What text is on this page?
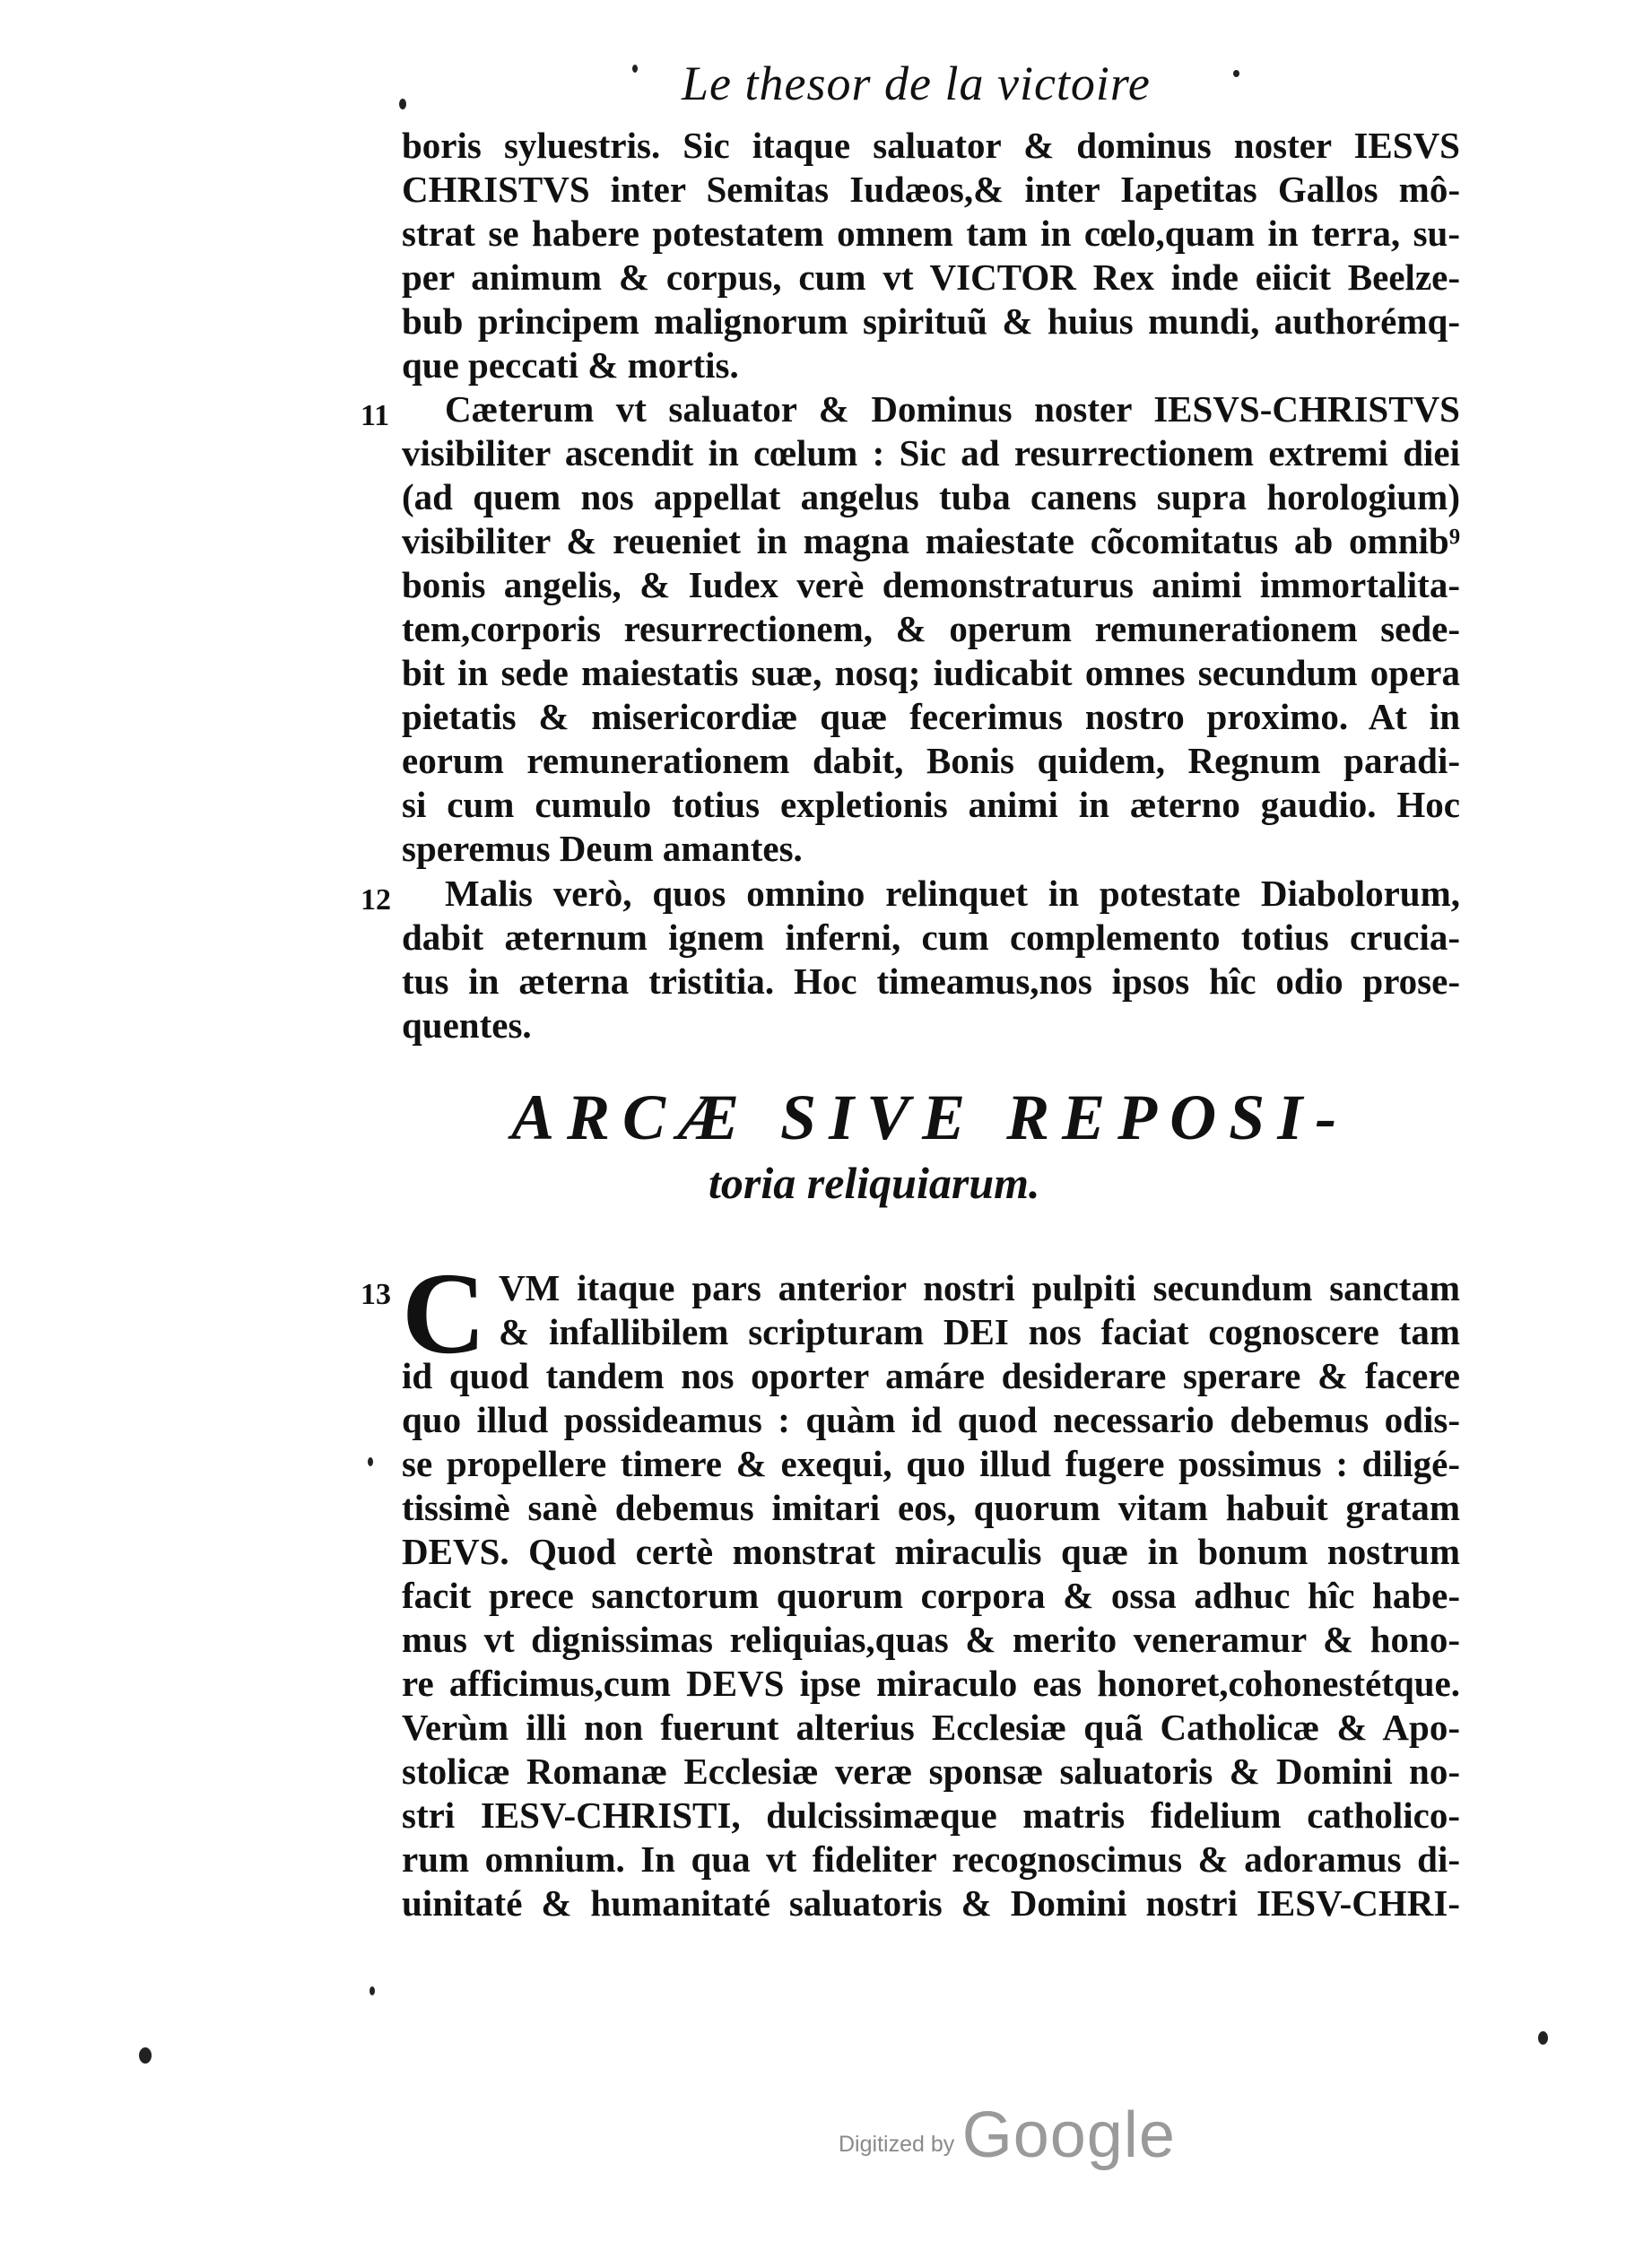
Le thesor de la victoire
boris syluestris. Sic itaque saluator & dominus noster IESVS
CHRISTVS inter Semitas Iudæos,& inter Iapetitas Gallos mô-
strat se habere potestatem omnem tam in cœlo,quam in terra, su-
per animum & corpus, cum vt VICTOR Rex inde eiicit Beelze-
bub principem malignorum spirituũ & huius mundi, authorémq-
que peccati & mortis.
11	Cæterum vt saluator & Dominus noster IESVS-CHRISTVS
visibiliter ascendit in cœlum : Sic ad resurrectionem extremi diei
(ad quem nos appellat angelus tuba canens supra horologium)
visibiliter & reueniet in magna maiestate cõcomitatus ab omnib⁹
bonis angelis, & Iudex verè demonstraturus animi immortalita-
tem,corporis resurrectionem, & operum remunerationem sede-
bit in sede maiestatis suæ, nosq; iudicabit omnes secundum opera
pietatis & misericordiæ quæ fecerimus nostro proximo. At in
eorum remunerationem dabit, Bonis quidem, Regnum paradi-
si cum cumulo totius expletionis animi in æterno gaudio. Hoc
speremus Deum amantes.
12	Malis verò, quos omnino relinquet in potestate Diabolorum,
dabit æternum ignem inferni, cum complemento totius crucia-
tus in æterna tristitia. Hoc timeamus,nos ipsos hîc odio prose-
quentes.
ARCÆ SIVE REPOSI-
toria reliquiarum.
13 C VM itaque pars anterior nostri pulpiti secundum sanctam
& infallibilem scripturam DEI nos faciat cognoscere tam
id quod tandem nos oporter amáre desiderare sperare & facere
quo illud possideamus : quàm id quod necessario debemus odis-
se propellere timere & exequi, quo illud fugere possimus : diligé-
tissimè sanè debemus imitari eos, quorum vitam habuit gratam
DEVS. Quod certè monstrat miraculis quæ in bonum nostrum
facit prece sanctorum quorum corpora & ossa adhuc hîc habe-
mus vt dignissimas reliquias,quas & merito veneramur & hono-
re afficimus,cum DEVS ipse miraculo eas honoret,cohonestétque.
Verùm illi non fuerunt alterius Ecclesiæ quã Catholicæ & Apo-
stolicæ Romanæ Ecclesiæ veræ sponsæ saluatoris & Domini no-
stri IESV-CHRISTI, dulcissimæque matris fidelium catholico-
rum omnium. In qua vt fideliter recognoscimus & adoramus di-
uinitaté & humanitaté saluatoris & Domini nostri IESV-CHRI-
Digitized by Google
